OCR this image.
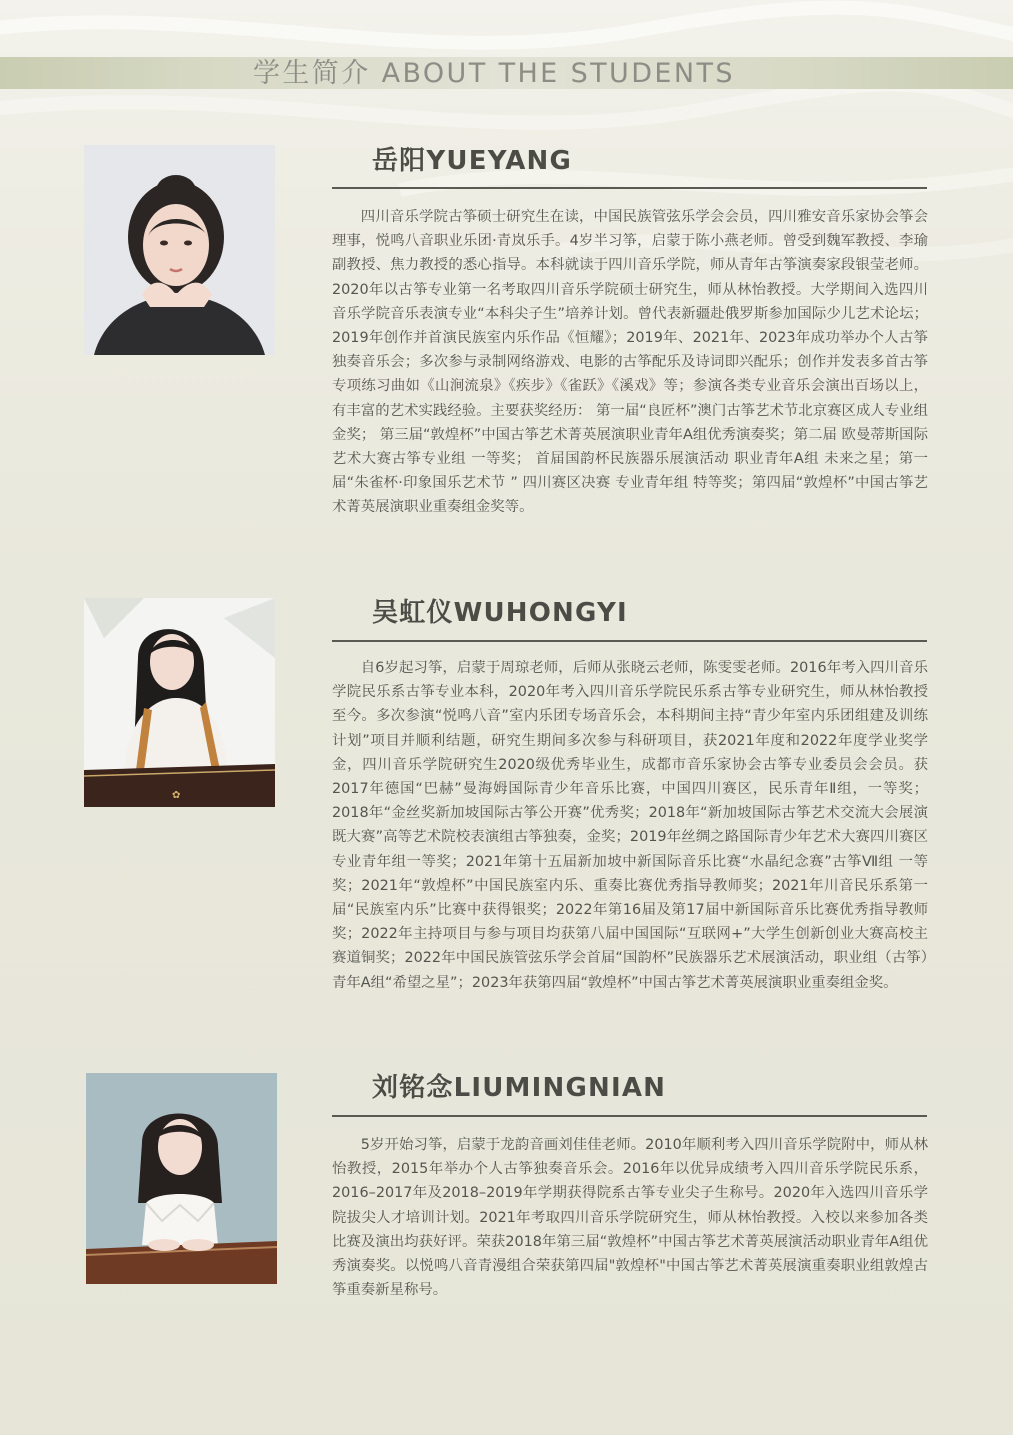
学生简介 ABOUT THE STUDENTS
岳阳YUEYANG

四川音乐学院古筝硕士研究生在读，中国民族管弦乐学会会员，四川雅安音乐家协会筝会理事，悦鸣八音职业乐团·青岚乐手。4岁半习筝，启蒙于陈小燕老师。曾受到魏军教授、李瑜副教授、焦力教授的悉心指导。本科就读于四川音乐学院，师从青年古筝演奏家段银莹老师。2020年以古筝专业第一名考取四川音乐学院硕士研究生，师从林怡教授。大学期间入选四川音乐学院音乐表演专业“本科尖子生”培养计划。曾代表新疆赴俄罗斯参加国际少儿艺术论坛；2019年创作并首演民族室内乐作品《恒耀》；2019年、2021年、2023年成功举办个人古筝独奏音乐会；多次参与录制网络游戏、电影的古筝配乐及诗词即兴配乐；创作并发表多首古筝专项练习曲如《山涧流泉》《疾步》《雀跃》《溪戏》等；参演各类专业音乐会演出百场以上，有丰富的艺术实践经验。主要获奖经历： 第一届“良匠杯”澳门古筝艺术节北京赛区成人专业组 金奖； 第三届“敦煌杯”中国古筝艺术菁英展演职业青年A组优秀演奏奖；第二届 欧曼蒂斯国际艺术大赛古筝专业组 一等奖； 首届国韵杯民族器乐展演活动 职业青年A组 未来之星；第一届“朱雀杯·印象国乐艺术节 ” 四川赛区决赛 专业青年组 特等奖；第四届“敦煌杯”中国古筝艺术菁英展演职业重奏组金奖等。

✿
吴虹仪WUHONGYI

自6岁起习筝，启蒙于周琼老师，后师从张晓云老师，陈雯雯老师。2016年考入四川音乐学院民乐系古筝专业本科，2020年考入四川音乐学院民乐系古筝专业研究生，师从林怡教授至今。多次参演“悦鸣八音”室内乐团专场音乐会，本科期间主持“青少年室内乐团组建及训练计划”项目并顺利结题，研究生期间多次参与科研项目，获2021年度和2022年度学业奖学金，四川音乐学院研究生2020级优秀毕业生，成都市音乐家协会古筝专业委员会会员。获2017年德国“巴赫”曼海姆国际青少年音乐比赛，中国四川赛区，民乐青年Ⅱ组，一等奖；2018年“金丝奖新加坡国际古筝公开赛”优秀奖；2018年“新加坡国际古筝艺术交流大会展演既大赛”高等艺术院校表演组古筝独奏，金奖；2019年丝绸之路国际青少年艺术大赛四川赛区专业青年组一等奖；2021年第十五届新加坡中新国际音乐比赛“水晶纪念赛”古筝Ⅶ组 一等奖；2021年“敦煌杯”中国民族室内乐、重奏比赛优秀指导教师奖；2021年川音民乐系第一届“民族室内乐”比赛中获得银奖；2022年第16届及第17届中新国际音乐比赛优秀指导教师奖；2022年主持项目与参与项目均获第八届中国国际“互联网+”大学生创新创业大赛高校主赛道铜奖；2022年中国民族管弦乐学会首届“国韵杯”民族器乐艺术展演活动，职业组（古筝）青年A组“希望之星”；2023年获第四届“敦煌杯”中国古筝艺术菁英展演职业重奏组金奖。

刘铭念LIUMINGNIAN

5岁开始习筝，启蒙于龙韵音画刘佳佳老师。2010年顺利考入四川音乐学院附中，师从林怡教授，2015年举办个人古筝独奏音乐会。2016年以优异成绩考入四川音乐学院民乐系，2016–2017年及2018–2019年学期获得院系古筝专业尖子生称号。2020年入选四川音乐学院拔尖人才培训计划。2021年考取四川音乐学院研究生，师从林怡教授。入校以来参加各类比赛及演出均获好评。荣获2018年第三届“敦煌杯”中国古筝艺术菁英展演活动职业青年A组优秀演奏奖。以悦鸣八音青漫组合荣获第四届"敦煌杯"中国古筝艺术菁英展演重奏职业组敦煌古筝重奏新星称号。
